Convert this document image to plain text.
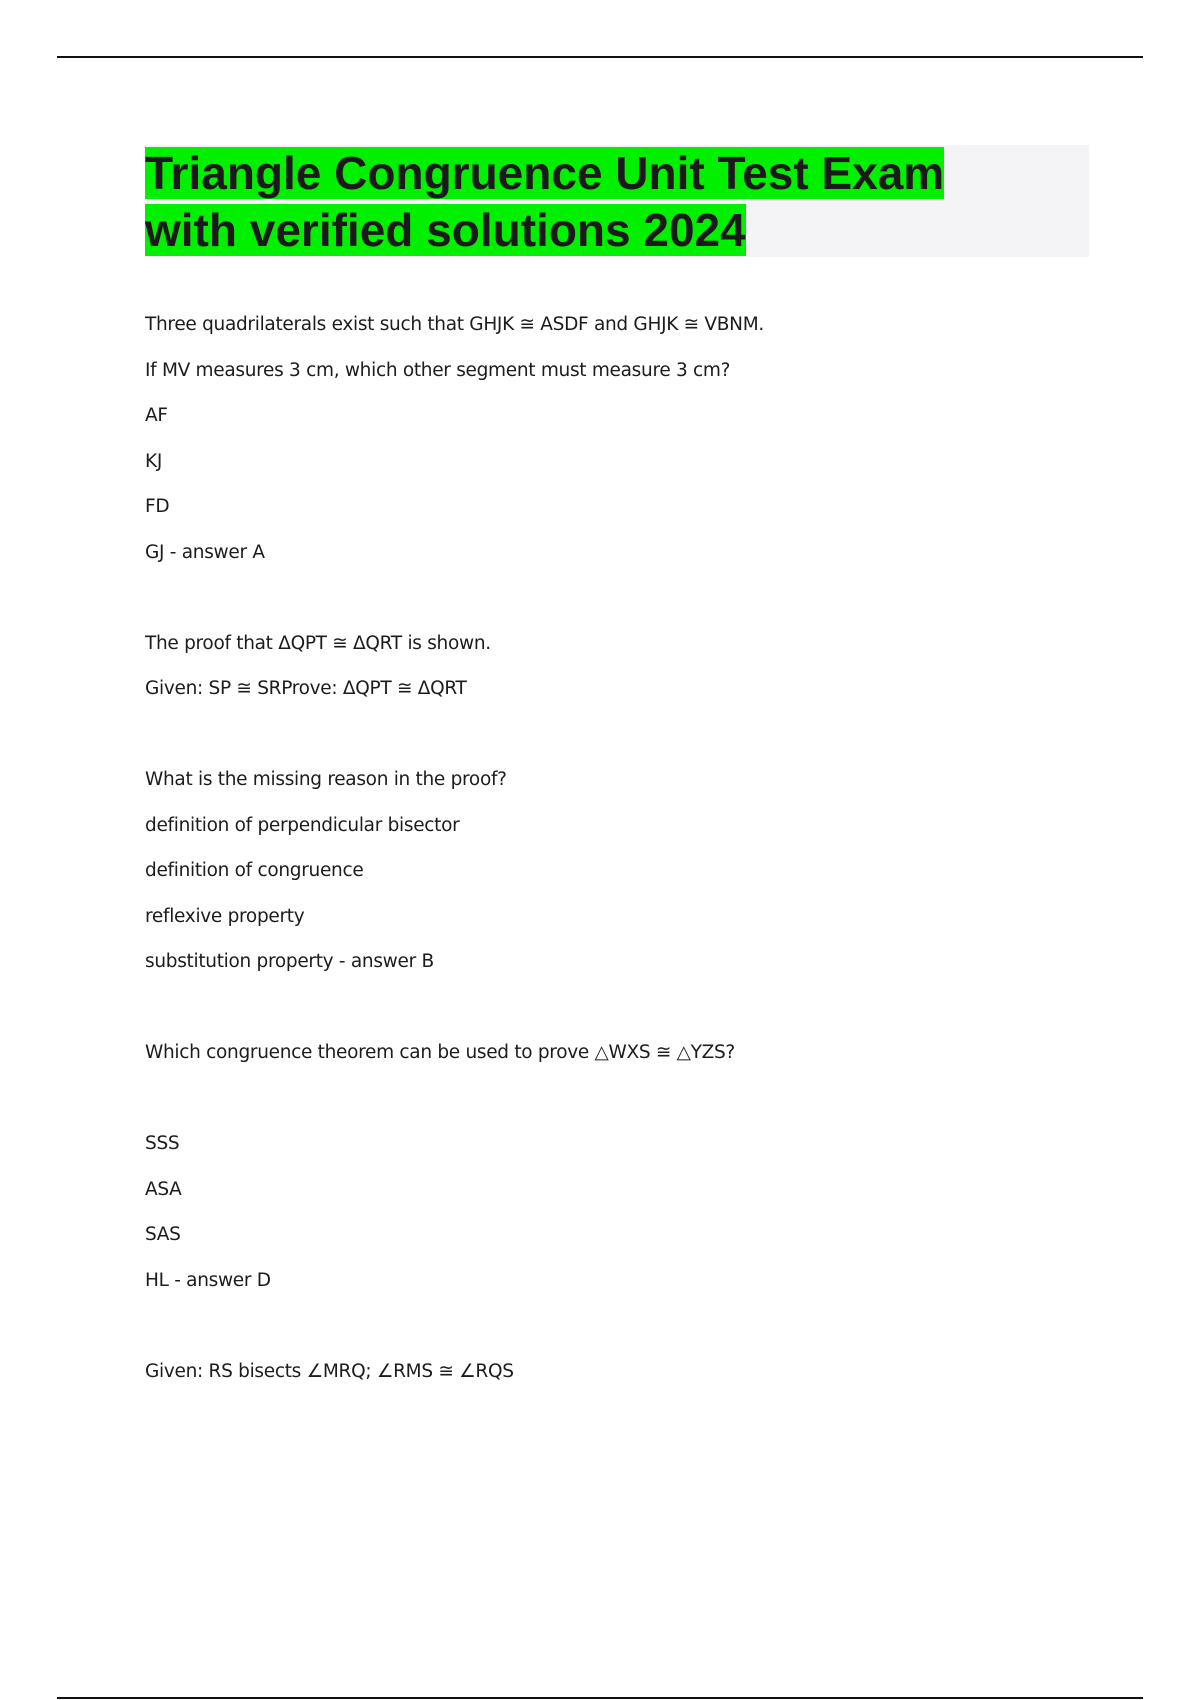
Triangle Congruence Unit Test Exam
with verified solutions 2024
Three quadrilaterals exist such that GHJK ≅ ASDF and GHJK ≅ VBNM.
If MV measures 3 cm, which other segment must measure 3 cm?
AF
KJ
FD
GJ - answer A
The proof that ΔQPT ≅ ΔQRT is shown.
Given: SP ≅ SRProve: ΔQPT ≅ ΔQRT
What is the missing reason in the proof?
definition of perpendicular bisector
definition of congruence
reflexive property
substitution property - answer B
Which congruence theorem can be used to prove △WXS ≅ △YZS?
SSS
ASA
SAS
HL - answer D
Given: RS bisects ∠MRQ; ∠RMS ≅ ∠RQS
